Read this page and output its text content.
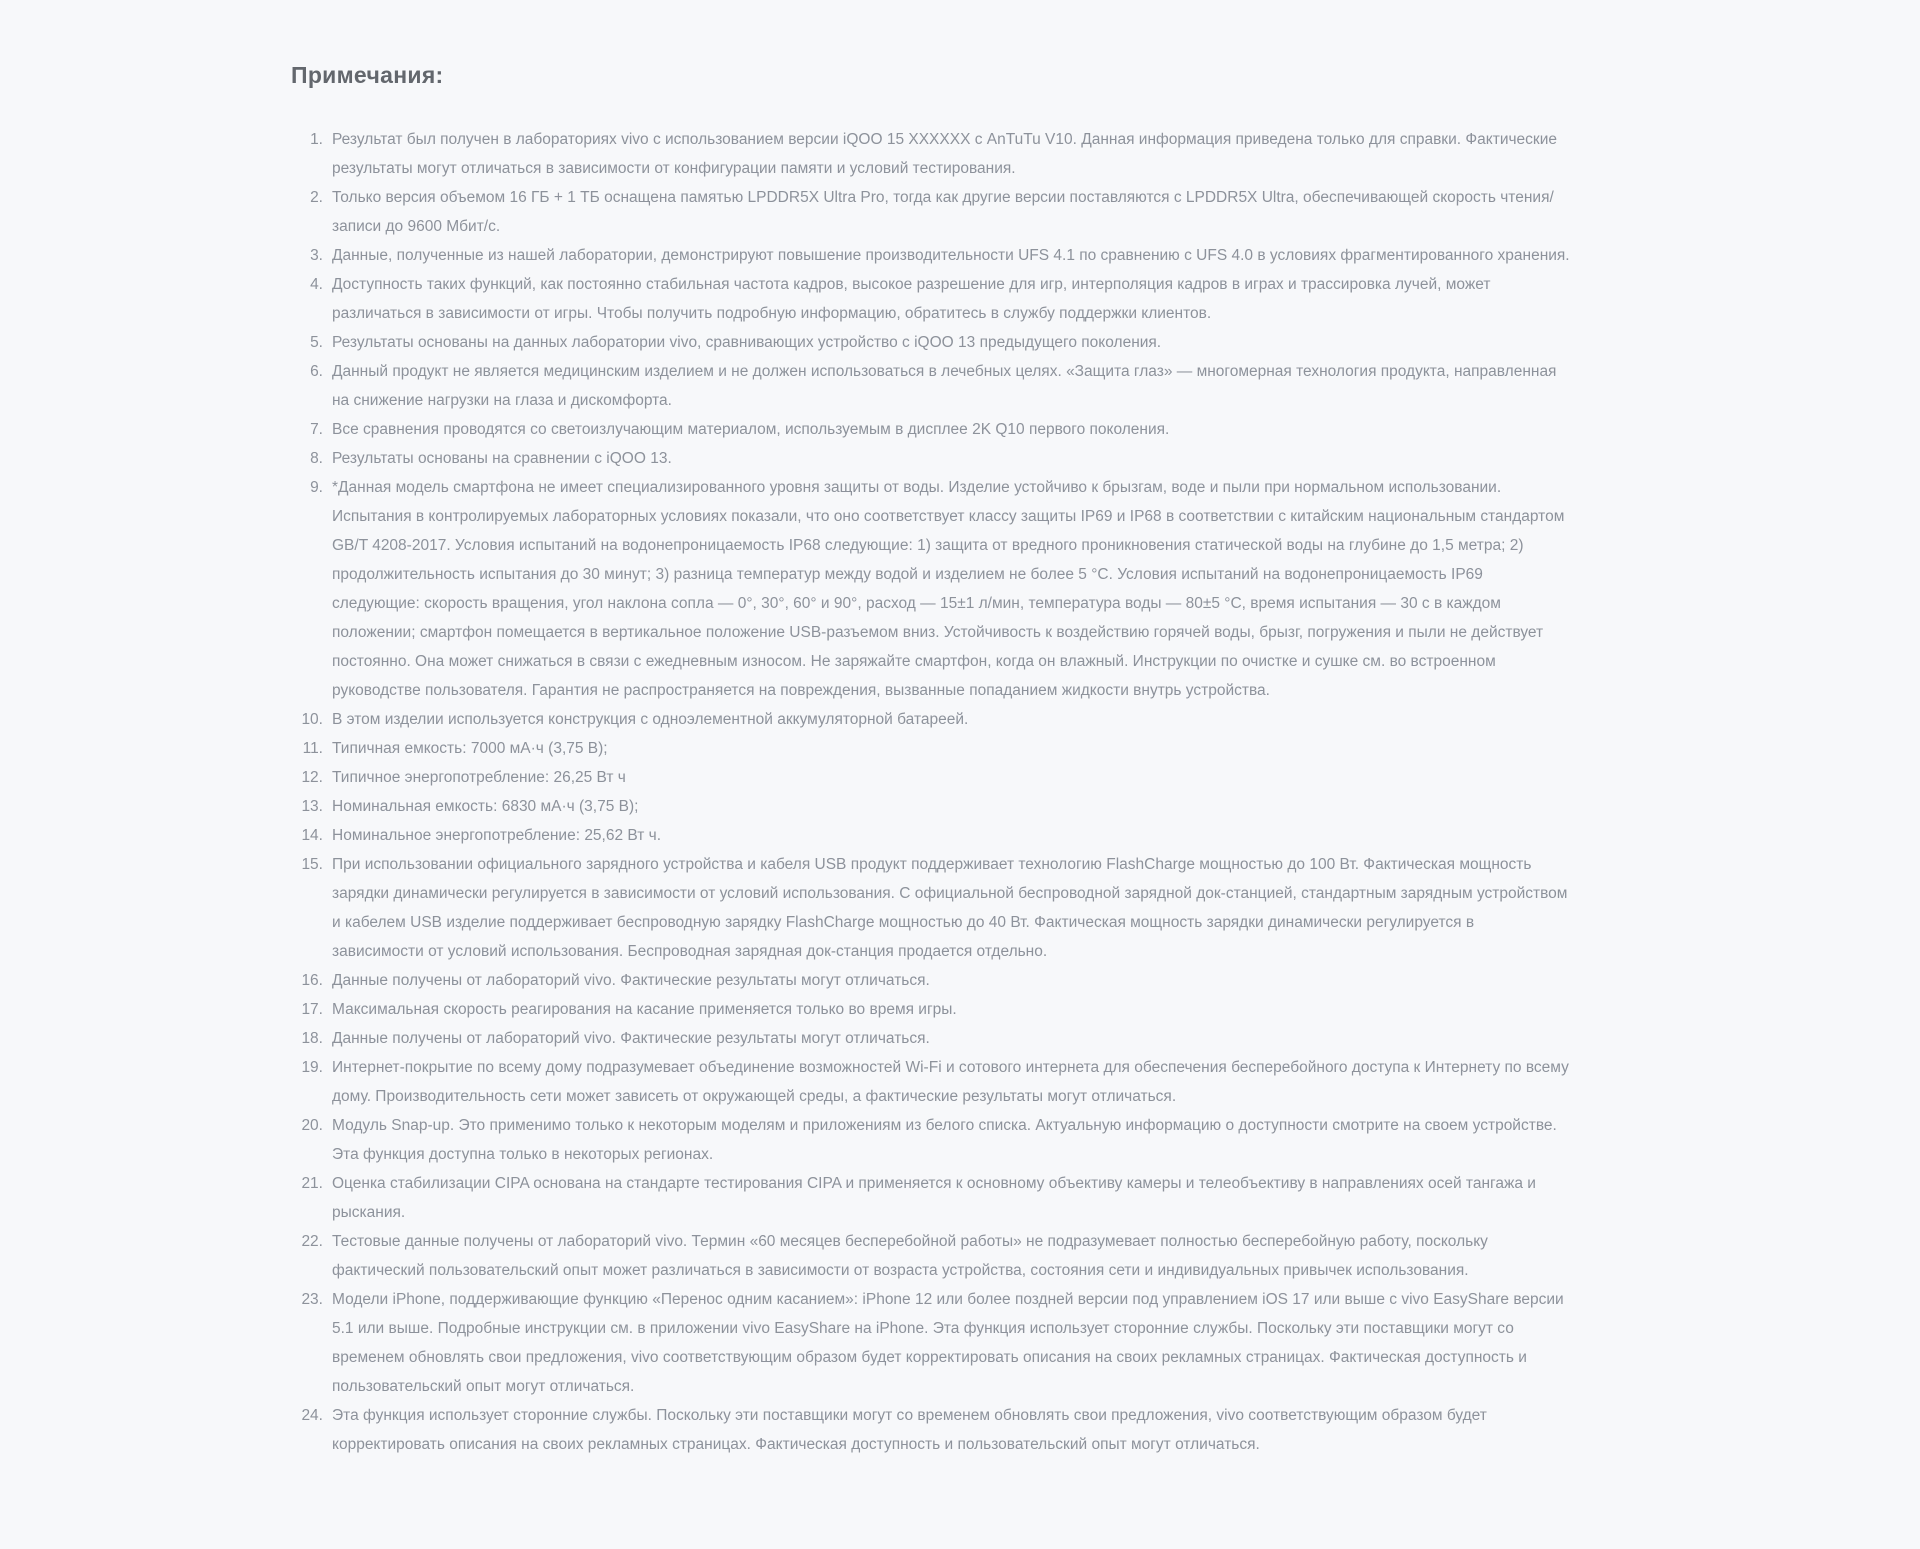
Примечания:
1. Результат был получен в лабораториях vivo с использованием версии iQOO 15 XXXXXX с AnTuTu V10. Данная информация приведена только для справки. Фактические результаты могут отличаться в зависимости от конфигурации памяти и условий тестирования.
2. Только версия объемом 16 ГБ + 1 ТБ оснащена памятью LPDDR5X Ultra Pro, тогда как другие версии поставляются с LPDDR5X Ultra, обеспечивающей скорость чтения/записи до 9600 Мбит/с.
3. Данные, полученные из нашей лаборатории, демонстрируют повышение производительности UFS 4.1 по сравнению с UFS 4.0 в условиях фрагментированного хранения.
4. Доступность таких функций, как постоянно стабильная частота кадров, высокое разрешение для игр, интерполяция кадров в играх и трассировка лучей, может различаться в зависимости от игры. Чтобы получить подробную информацию, обратитесь в службу поддержки клиентов.
5. Результаты основаны на данных лаборатории vivo, сравнивающих устройство с iQOO 13 предыдущего поколения.
6. Данный продукт не является медицинским изделием и не должен использоваться в лечебных целях. «Защита глаз» — многомерная технология продукта, направленная на снижение нагрузки на глаза и дискомфорта.
7. Все сравнения проводятся со светоизлучающим материалом, используемым в дисплее 2K Q10 первого поколения.
8. Результаты основаны на сравнении с iQOO 13.
9. *Данная модель смартфона не имеет специализированного уровня защиты от воды. Изделие устойчиво к брызгам, воде и пыли при нормальном использовании. Испытания в контролируемых лабораторных условиях показали, что оно соответствует классу защиты IP69 и IP68 в соответствии с китайским национальным стандартом GB/T 4208-2017. Условия испытаний на водонепроницаемость IP68 следующие: 1) защита от вредного проникновения статической воды на глубине до 1,5 метра; 2) продолжительность испытания до 30 минут; 3) разница температур между водой и изделием не более 5 °C. Условия испытаний на водонепроницаемость IP69 следующие: скорость вращения, угол наклона сопла — 0°, 30°, 60° и 90°, расход — 15±1 л/мин, температура воды — 80±5 °C, время испытания — 30 с в каждом положении; смартфон помещается в вертикальное положение USB-разъемом вниз. Устойчивость к воздействию горячей воды, брызг, погружения и пыли не действует постоянно. Она может снижаться в связи с ежедневным износом. Не заряжайте смартфон, когда он влажный. Инструкции по очистке и сушке см. во встроенном руководстве пользователя. Гарантия не распространяется на повреждения, вызванные попаданием жидкости внутрь устройства.
10. В этом изделии используется конструкция с одноэлементной аккумуляторной батареей.
11. Типичная емкость: 7000 мА·ч (3,75 В);
12. Типичное энергопотребление: 26,25 Вт ч
13. Номинальная емкость: 6830 мА·ч (3,75 В);
14. Номинальное энергопотребление: 25,62 Вт ч.
15. При использовании официального зарядного устройства и кабеля USB продукт поддерживает технологию FlashCharge мощностью до 100 Вт. Фактическая мощность зарядки динамически регулируется в зависимости от условий использования. С официальной беспроводной зарядной док-станцией, стандартным зарядным устройством и кабелем USB изделие поддерживает беспроводную зарядку FlashCharge мощностью до 40 Вт. Фактическая мощность зарядки динамически регулируется в зависимости от условий использования. Беспроводная зарядная док-станция продается отдельно.
16. Данные получены от лабораторий vivo. Фактические результаты могут отличаться.
17. Максимальная скорость реагирования на касание применяется только во время игры.
18. Данные получены от лабораторий vivo. Фактические результаты могут отличаться.
19. Интернет-покрытие по всему дому подразумевает объединение возможностей Wi-Fi и сотового интернета для обеспечения бесперебойного доступа к Интернету по всему дому. Производительность сети может зависеть от окружающей среды, а фактические результаты могут отличаться.
20. Модуль Snap-up. Это применимо только к некоторым моделям и приложениям из белого списка. Актуальную информацию о доступности смотрите на своем устройстве. Эта функция доступна только в некоторых регионах.
21. Оценка стабилизации CIPA основана на стандарте тестирования CIPA и применяется к основному объективу камеры и телеобъективу в направлениях осей тангажа и рыскания.
22. Тестовые данные получены от лабораторий vivo. Термин «60 месяцев бесперебойной работы» не подразумевает полностью бесперебойную работу, поскольку фактический пользовательский опыт может различаться в зависимости от возраста устройства, состояния сети и индивидуальных привычек использования.
23. Модели iPhone, поддерживающие функцию «Перенос одним касанием»: iPhone 12 или более поздней версии под управлением iOS 17 или выше с vivo EasyShare версии 5.1 или выше. Подробные инструкции см. в приложении vivo EasyShare на iPhone. Эта функция использует сторонние службы. Поскольку эти поставщики могут со временем обновлять свои предложения, vivo соответствующим образом будет корректировать описания на своих рекламных страницах. Фактическая доступность и пользовательский опыт могут отличаться.
24. Эта функция использует сторонние службы. Поскольку эти поставщики могут со временем обновлять свои предложения, vivo соответствующим образом будет корректировать описания на своих рекламных страницах. Фактическая доступность и пользовательский опыт могут отличаться.
